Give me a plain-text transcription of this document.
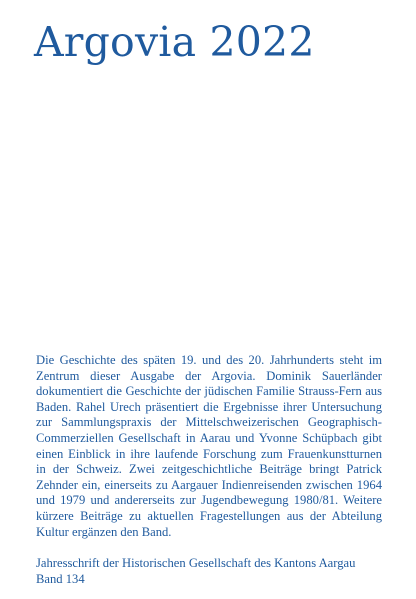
Argovia 2022

Die Geschichte des späten 19. und des 20. Jahrhunderts steht im Zentrum dieser Ausgabe der Argovia. Dominik Sauerländer dokumentiert die Geschichte der jüdischen Familie Strauss-Fern aus Baden. Rahel Urech präsentiert die Ergebnisse ihrer Untersuchung zur Sammlungspraxis der Mittelschweizerischen Geographisch-Commerziellen Gesellschaft in Aarau und Yvonne Schüpbach gibt einen Einblick in ihre laufende Forschung zum Frauenkunstturnen in der Schweiz. Zwei zeitgeschichtliche Beiträge bringt Patrick Zehnder ein, einerseits zu Aargauer Indienreisenden zwischen 1964 und 1979 und andererseits zur Jugendbewegung 1980/81. Weitere kürzere Beiträge zu aktuellen Fragestellungen aus der Abteilung Kultur ergänzen den Band.

Jahresschrift der Historischen Gesellschaft des Kantons Aargau
Band 134
